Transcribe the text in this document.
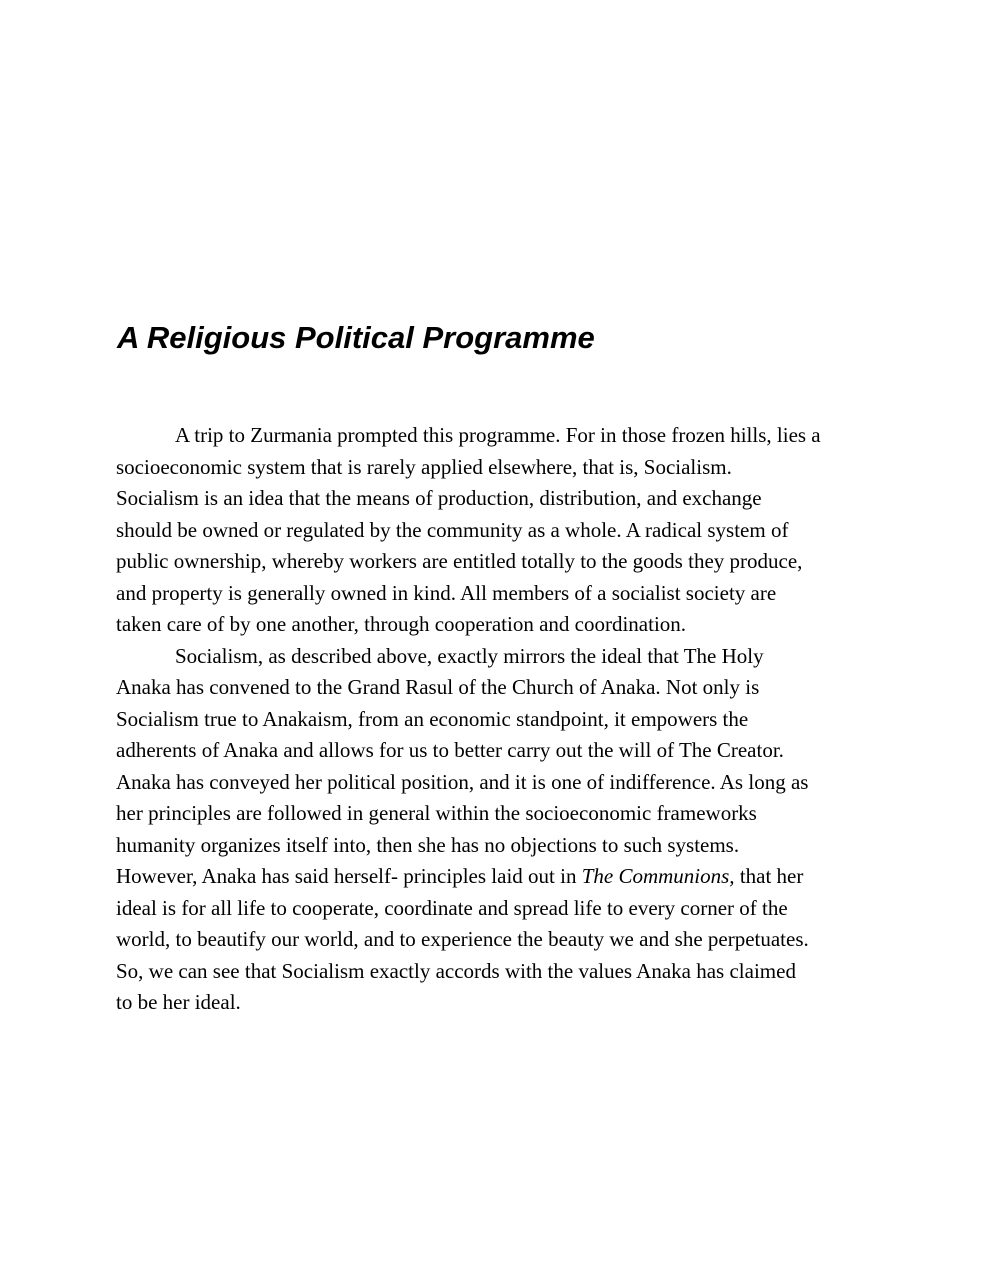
A Religious Political Programme
A trip to Zurmania prompted this programme. For in those frozen hills, lies a
socioeconomic system that is rarely applied elsewhere, that is, Socialism.
Socialism is an idea that the means of production, distribution, and exchange
should be owned or regulated by the community as a whole. A radical system of
public ownership, whereby workers are entitled totally to the goods they produce,
and property is generally owned in kind. All members of a socialist society are
taken care of by one another, through cooperation and coordination.
Socialism, as described above, exactly mirrors the ideal that The Holy
Anaka has convened to the Grand Rasul of the Church of Anaka. Not only is
Socialism true to Anakaism, from an economic standpoint, it empowers the
adherents of Anaka and allows for us to better carry out the will of The Creator.
Anaka has conveyed her political position, and it is one of indifference. As long as
her principles are followed in general within the socioeconomic frameworks
humanity organizes itself into, then she has no objections to such systems.
However, Anaka has said herself- principles laid out in The Communions, that her
ideal is for all life to cooperate, coordinate and spread life to every corner of the
world, to beautify our world, and to experience the beauty we and she perpetuates.
So, we can see that Socialism exactly accords with the values Anaka has claimed
to be her ideal.
